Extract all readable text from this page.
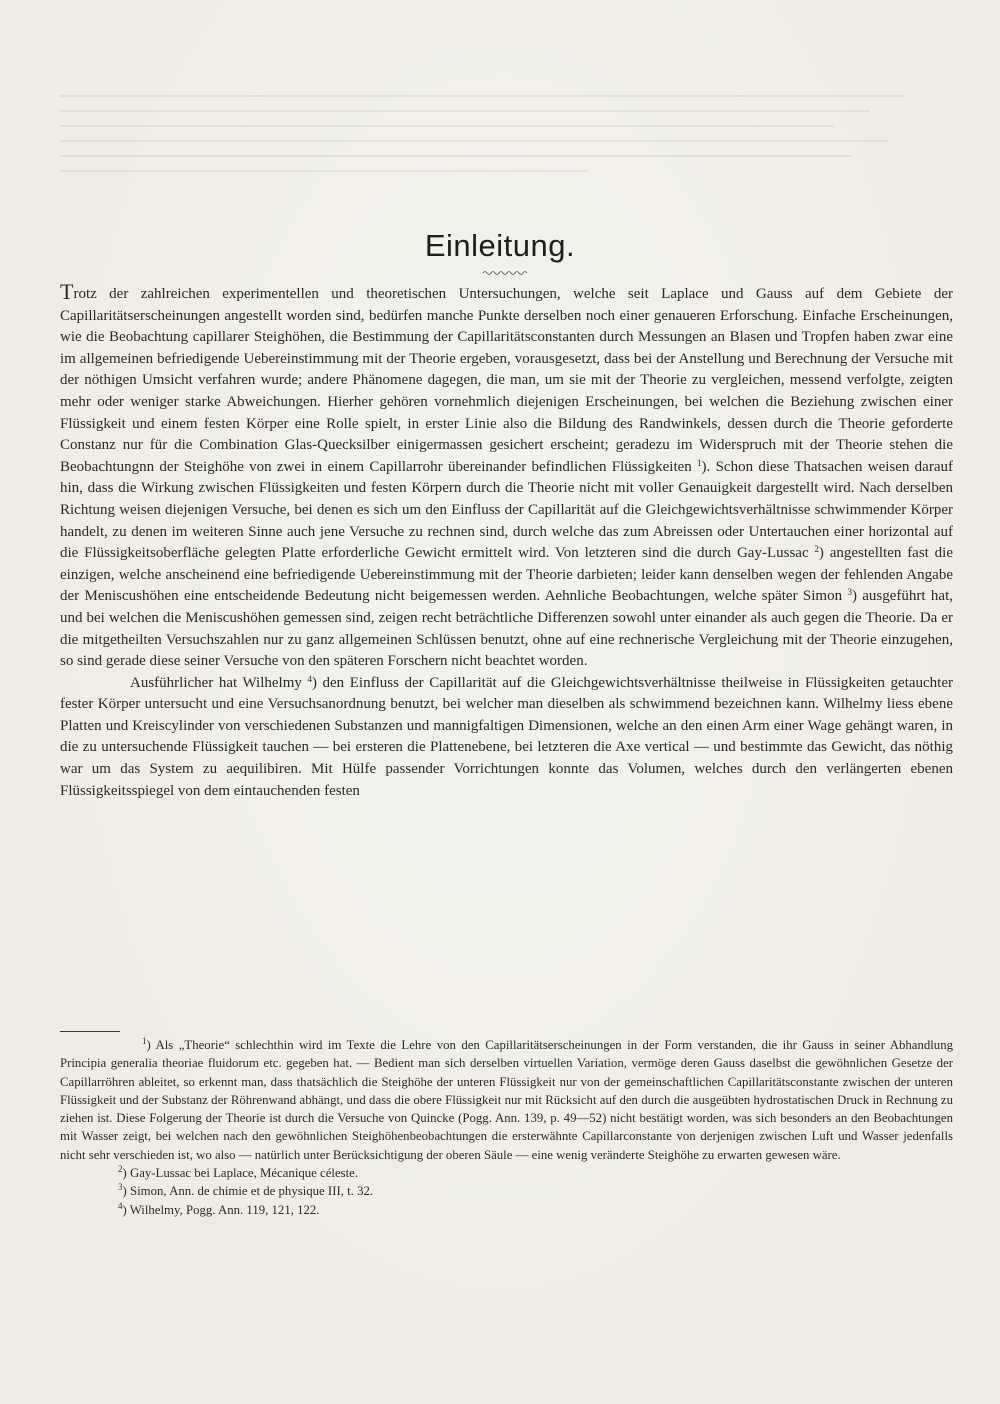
Einleitung.

Trotz der zahlreichen experimentellen und theoretischen Untersuchungen, welche seit Laplace und Gauss auf dem Gebiete der Capillaritätserscheinungen angestellt worden sind, bedürfen manche Punkte derselben noch einer genaueren Erforschung. Einfache Erscheinungen, wie die Beobachtung capillarer Steighöhen, die Bestimmung der Capillaritätsconstanten durch Messungen an Blasen und Tropfen haben zwar eine im allgemeinen befriedigende Uebereinstimmung mit der Theorie ergeben, vorausgesetzt, dass bei der Anstellung und Berechnung der Versuche mit der nöthigen Umsicht verfahren wurde; andere Phänomene dagegen, die man, um sie mit der Theorie zu vergleichen, messend verfolgte, zeigten mehr oder weniger starke Abweichungen. Hierher gehören vornehmlich diejenigen Erscheinungen, bei welchen die Beziehung zwischen einer Flüssigkeit und einem festen Körper eine Rolle spielt, in erster Linie also die Bildung des Randwinkels, dessen durch die Theorie geforderte Constanz nur für die Combination Glas-Quecksilber einigermassen gesichert erscheint; geradezu im Widerspruch mit der Theorie stehen die Beobachtungnn der Steighöhe von zwei in einem Capillarrohr übereinander befindlichen Flüssigkeiten $^1$). Schon diese Thatsachen weisen darauf hin, dass die Wirkung zwischen Flüssigkeiten und festen Körpern durch die Theorie nicht mit voller Genauigkeit dargestellt wird. Nach derselben Richtung weisen diejenigen Versuche, bei denen es sich um den Einfluss der Capillarität auf die Gleichgewichtsverhältnisse schwimmender Körper handelt, zu denen im weiteren Sinne auch jene Versuche zu rechnen sind, durch welche das zum Abreissen oder Untertauchen einer horizontal auf die Flüssigkeitsoberfläche gelegten Platte erforderliche Gewicht ermittelt wird. Von letzteren sind die durch Gay-Lussac $^2$) angestellten fast die einzigen, welche anscheinend eine befriedigende Uebereinstimmung mit der Theorie darbieten; leider kann denselben wegen der fehlenden Angabe der Meniscushöhen eine entscheidende Bedeutung nicht beigemessen werden. Aehnliche Beobachtungen, welche später Simon $^3$) ausgeführt hat, und bei welchen die Meniscushöhen gemessen sind, zeigen recht beträchtliche Differenzen sowohl unter einander als auch gegen die Theorie. Da er die mitgetheilten Versuchszahlen nur zu ganz allgemeinen Schlüssen benutzt, ohne auf eine rechnerische Vergleichung mit der Theorie einzugehen, so sind gerade diese seiner Versuche von den späteren Forschern nicht beachtet worden.

Ausführlicher hat Wilhelmy $^4$) den Einfluss der Capillarität auf die Gleichgewichtsverhältnisse theilweise in Flüssigkeiten getauchter fester Körper untersucht und eine Versuchsanordnung benutzt, bei welcher man dieselben als schwimmend bezeichnen kann. Wilhelmy liess ebene Platten und Kreiscylinder von verschiedenen Substanzen und mannigfaltigen Dimensionen, welche an den einen Arm einer Wage gehängt waren, in die zu untersuchende Flüssigkeit tauchen — bei ersteren die Plattenebene, bei letzteren die Axe vertical — und bestimmte das Gewicht, das nöthig war um das System zu aequilibiren. Mit Hülfe passender Vorrichtungen konnte das Volumen, welches durch den verlängerten ebenen Flüssigkeitsspiegel von dem eintauchenden festen

$^1$) Als „Theorie“ schlechthin wird im Texte die Lehre von den Capillaritätserscheinungen in der Form verstanden, die ihr Gauss in seiner Abhandlung Principia generalia theoriae fluidorum etc. gegeben hat. — Bedient man sich derselben virtuellen Variation, vermöge deren Gauss daselbst die gewöhnlichen Gesetze der Capillarröhren ableitet, so erkennt man, dass thatsächlich die Steighöhe der unteren Flüssigkeit nur von der gemeinschaftlichen Capillaritätsconstante zwischen der unteren Flüssigkeit und der Substanz der Röhrenwand abhängt, und dass die obere Flüssigkeit nur mit Rücksicht auf den durch die ausgeübten hydrostatischen Druck in Rechnung zu ziehen ist. Diese Folgerung der Theorie ist durch die Versuche von Quincke (Pogg. Ann. 139, p. 49—52) nicht bestätigt worden, was sich besonders an den Beobachtungen mit Wasser zeigt, bei welchen nach den gewöhnlichen Steighöhenbeobachtungen die ersterwähnte Capillarconstante von derjenigen zwischen Luft und Wasser jedenfalls nicht sehr verschieden ist, wo also — natürlich unter Berücksichtigung der oberen Säule — eine wenig veränderte Steighöhe zu erwarten gewesen wäre.

$^2$) Gay-Lussac bei Laplace, Mécanique céleste.

$^3$) Simon, Ann. de chimie et de physique III, t. 32.

$^4$) Wilhelmy, Pogg. Ann. 119, 121, 122.
